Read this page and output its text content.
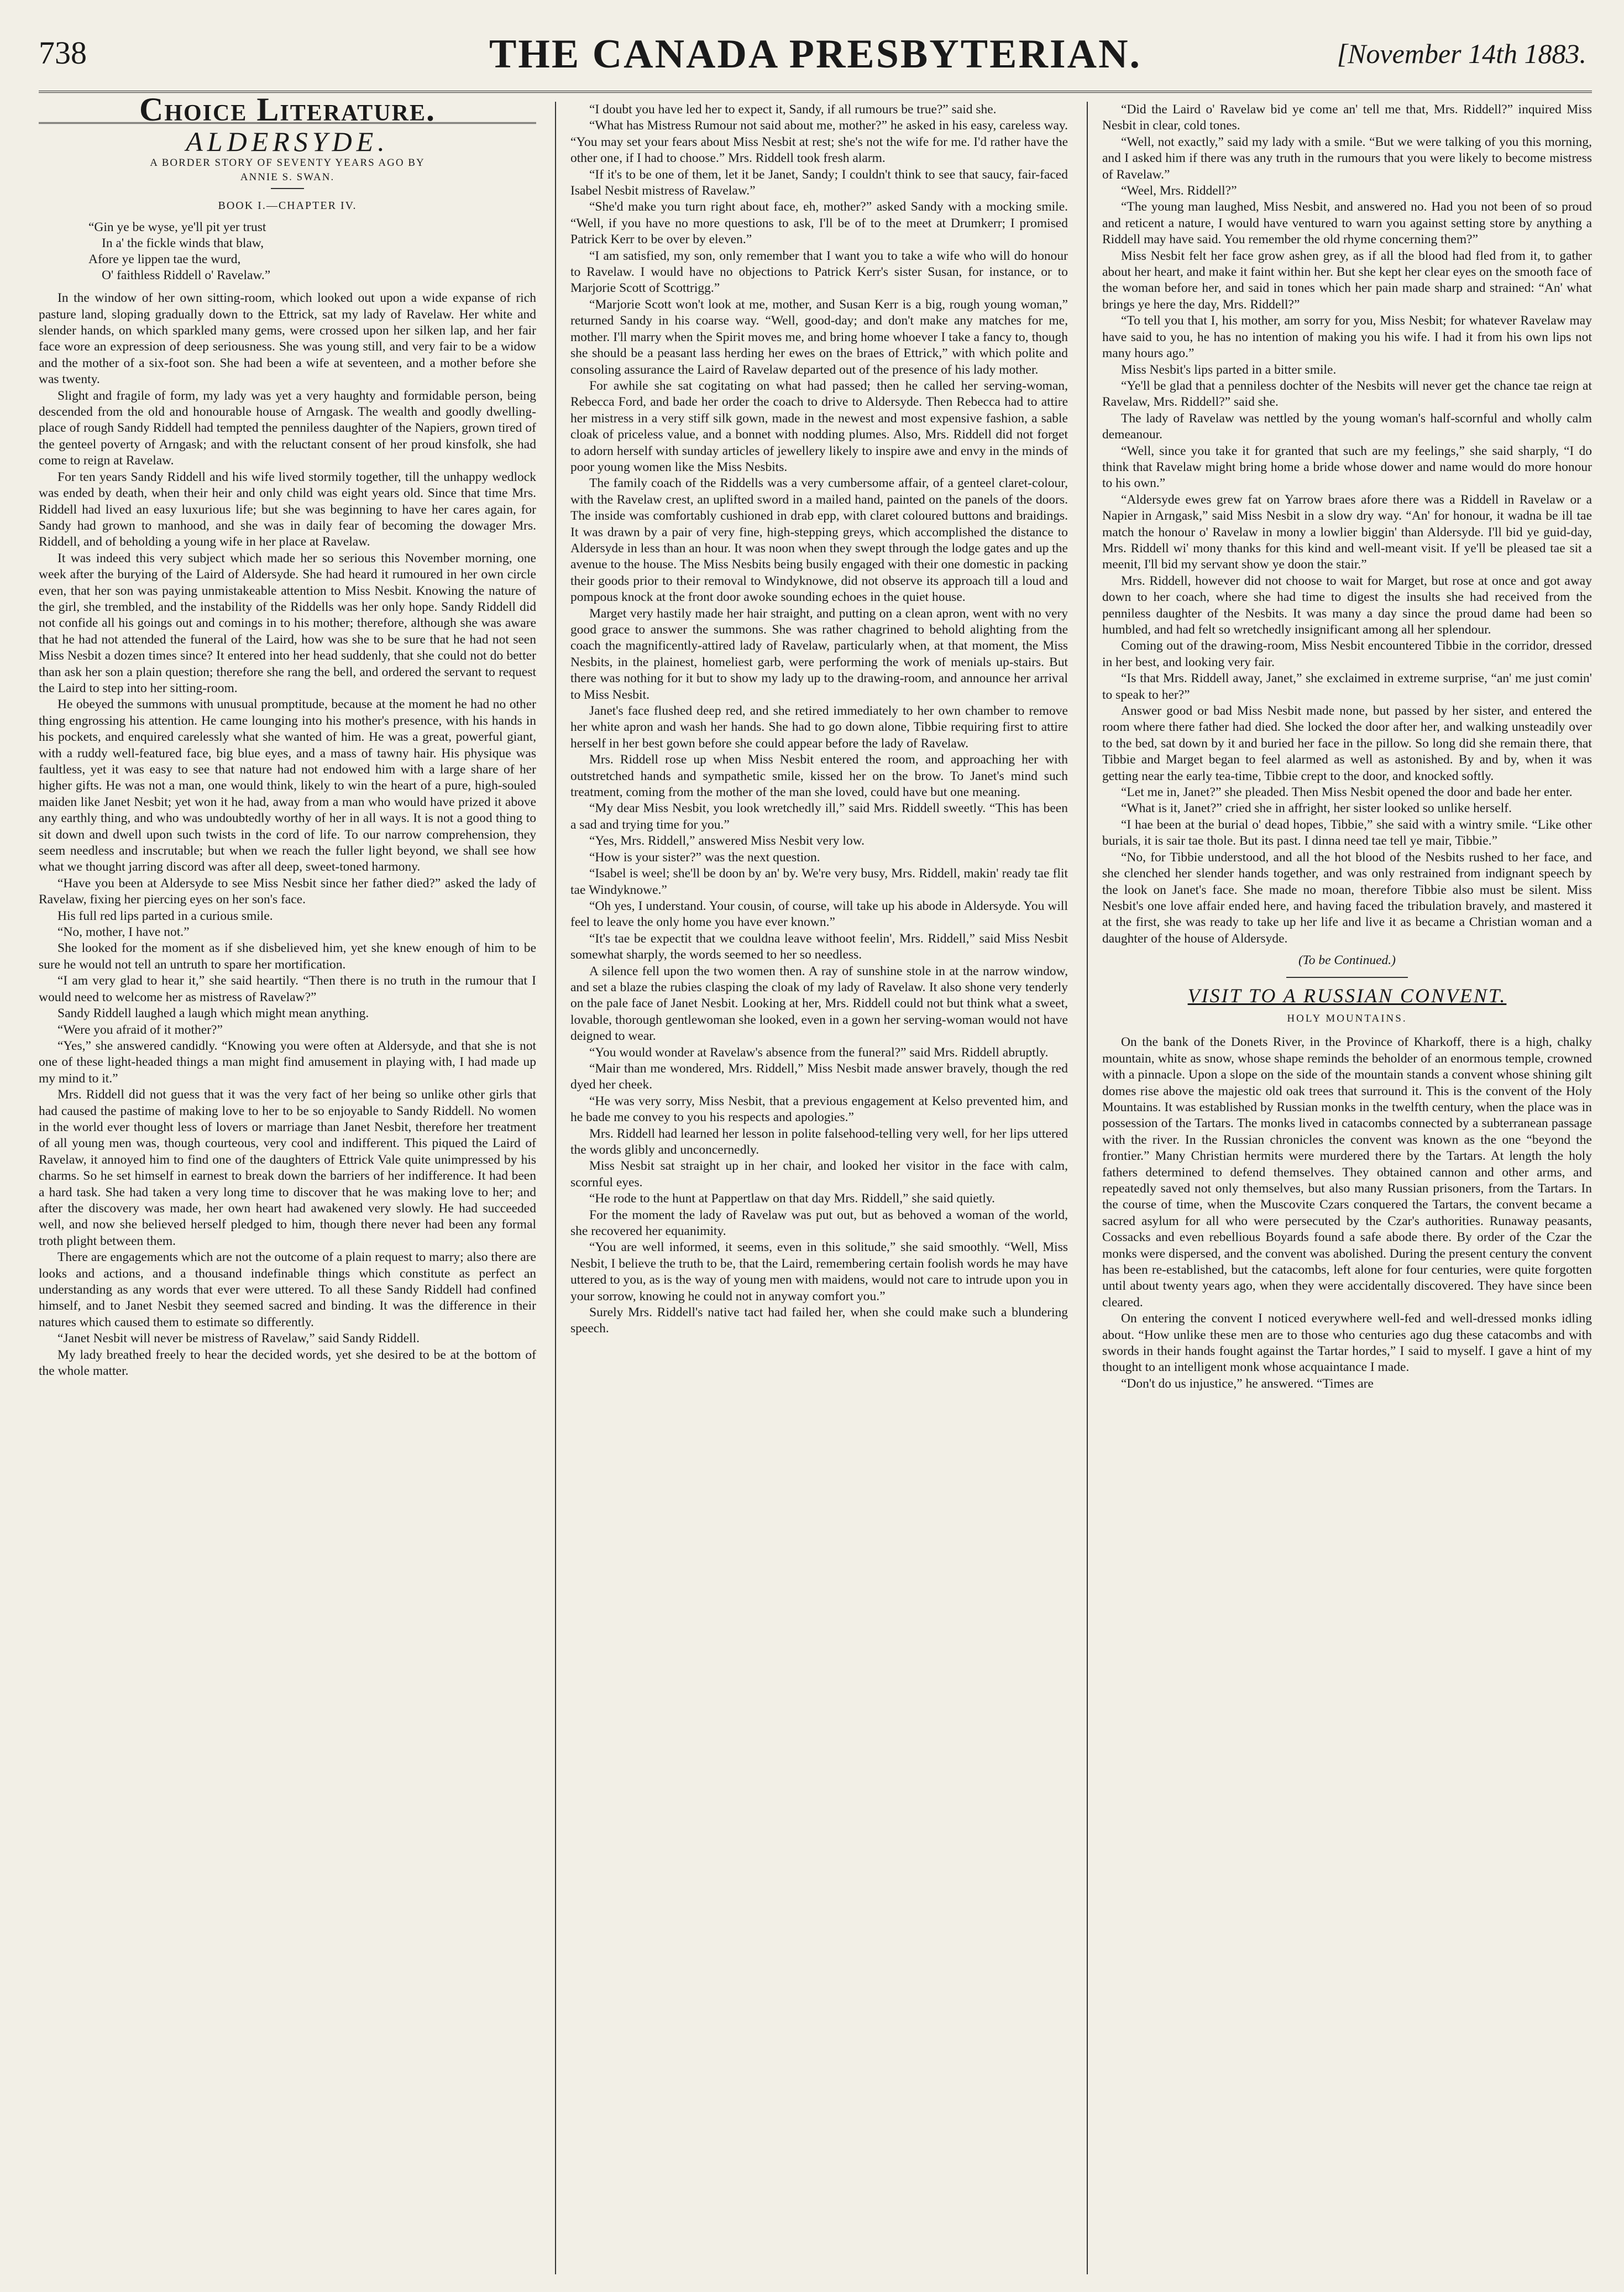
738	THE CANADA PRESBYTERIAN.	[November 14th 1883.
Choice Literature.
ALDERSYDE.
A BORDER STORY OF SEVENTY YEARS AGO BY
ANNIE S. SWAN.
BOOK I.—CHAPTER IV.
“Gin ye be wyse, ye'll pit yer trust
In a' the fickle winds that blaw,
Afore ye lippen tae the wurd,
O' faithless Riddell o' Ravelaw.”

In the window of her own sitting-room, which looked out upon a wide expanse of rich pasture land, sloping gradually down to the Ettrick, sat my lady of Ravelaw. Her white and slender hands, on which sparkled many gems, were crossed upon her silken lap, and her fair face wore an expression of deep seriousness. She was young still, and very fair to be a widow and the mother of a six-foot son. She had been a wife at seventeen, and a mother before she was twenty.

Slight and fragile of form, my lady was yet a very haughty and formidable person, being descended from the old and honourable house of Arngask. The wealth and goodly dwelling-place of rough Sandy Riddell had tempted the penniless daughter of the Napiers, grown tired of the genteel poverty of Arngask; and with the reluctant consent of her proud kinsfolk, she had come to reign at Ravelaw.

For ten years Sandy Riddell and his wife lived stormily together, till the unhappy wedlock was ended by death, when their heir and only child was eight years old. Since that time Mrs. Riddell had lived an easy luxurious life; but she was beginning to have her cares again, for Sandy had grown to manhood, and she was in daily fear of becoming the dowager Mrs. Riddell, and of beholding a young wife in her place at Ravelaw.

It was indeed this very subject which made her so serious this November morning, one week after the burying of the Laird of Aldersyde. She had heard it rumoured in her own circle even, that her son was paying unmistakeable attention to Miss Nesbit. Knowing the nature of the girl, she trembled, and the instability of the Riddells was her only hope. Sandy Riddell did not confide all his goings out and comings in to his mother; therefore, although she was aware that he had not attended the funeral of the Laird, how was she to be sure that he had not seen Miss Nesbit a dozen times since? It entered into her head suddenly, that she could not do better than ask her son a plain question; therefore she rang the bell, and ordered the servant to request the Laird to step into her sitting-room.

He obeyed the summons with unusual promptitude, because at the moment he had no other thing engrossing his attention. He came lounging into his mother's presence, with his hands in his pockets, and enquired carelessly what she wanted of him. He was a great, powerful giant, with a ruddy well-featured face, big blue eyes, and a mass of tawny hair. His physique was faultless, yet it was easy to see that nature had not endowed him with a large share of her higher gifts. He was not a man, one would think, likely to win the heart of a pure, high-souled maiden like Janet Nesbit; yet won it he had, away from a man who would have prized it above any earthly thing, and who was undoubtedly worthy of her in all ways. It is not a good thing to sit down and dwell upon such twists in the cord of life. To our narrow comprehension, they seem needless and inscrutable; but when we reach the fuller light beyond, we shall see how what we thought jarring discord was after all deep, sweet-toned harmony.

“Have you been at Aldersyde to see Miss Nesbit since her father died?” asked the lady of Ravelaw, fixing her piercing eyes on her son's face.

His full red lips parted in a curious smile.

“No, mother, I have not.”

She looked for the moment as if she disbelieved him, yet she knew enough of him to be sure he would not tell an untruth to spare her mortification.

“I am very glad to hear it,” she said heartily. “Then there is no truth in the rumour that I would need to welcome her as mistress of Ravelaw?”

Sandy Riddell laughed a laugh which might mean anything.

“Were you afraid of it mother?”

“Yes,” she answered candidly. “Knowing you were often at Aldersyde, and that she is not one of these light-headed things a man might find amusement in playing with, I had made up my mind to it.”

Mrs. Riddell did not guess that it was the very fact of her being so unlike other girls that had caused the pastime of making love to her to be so enjoyable to Sandy Riddell. No women in the world ever thought less of lovers or marriage than Janet Nesbit, therefore her treatment of all young men was, though courteous, very cool and indifferent. This piqued the Laird of Ravelaw, it annoyed him to find one of the daughters of Ettrick Vale quite unimpressed by his charms. So he set himself in earnest to break down the barriers of her indifference. It had been a hard task. She had taken a very long time to discover that he was making love to her; and after the discovery was made, her own heart had awakened very slowly. He had succeeded well, and now she believed herself pledged to him, though there never had been any formal troth plight between them.

There are engagements which are not the outcome of a plain request to marry; also there are looks and actions, and a thousand indefinable things which constitute as perfect an understanding as any words that ever were uttered. To all these Sandy Riddell had confined himself, and to Janet Nesbit they seemed sacred and binding. It was the difference in their natures which caused them to estimate so differently.

“Janet Nesbit will never be mistress of Ravelaw,” said Sandy Riddell.

My lady breathed freely to hear the decided words, yet she desired to be at the bottom of the whole matter.

“I doubt you have led her to expect it, Sandy, if all rumours be true?” said she.

“What has Mistress Rumour not said about me, mother?” he asked in his easy, careless way. “You may set your fears about Miss Nesbit at rest; she's not the wife for me. I'd rather have the other one, if I had to choose.” Mrs. Riddell took fresh alarm.

“If it's to be one of them, let it be Janet, Sandy; I couldn't think to see that saucy, fair-faced Isabel Nesbit mistress of Ravelaw.”

“She'd make you turn right about face, eh, mother?” asked Sandy with a mocking smile. “Well, if you have no more questions to ask, I'll be of to the meet at Drumkerr; I promised Patrick Kerr to be over by eleven.”

“I am satisfied, my son, only remember that I want you to take a wife who will do honour to Ravelaw. I would have no objections to Patrick Kerr's sister Susan, for instance, or to Marjorie Scott of Scottrigg.”

“Marjorie Scott won't look at me, mother, and Susan Kerr is a big, rough young woman,” returned Sandy in his coarse way. “Well, good-day; and don't make any matches for me, mother. I'll marry when the Spirit moves me, and bring home whoever I take a fancy to, though she should be a peasant lass herding her ewes on the braes of Ettrick,” with which polite and consoling assurance the Laird of Ravelaw departed out of the presence of his lady mother.

For awhile she sat cogitating on what had passed; then he called her serving-woman, Rebecca Ford, and bade her order the coach to drive to Aldersyde. Then Rebecca had to attire her mistress in a very stiff silk gown, made in the newest and most expensive fashion, a sable cloak of priceless value, and a bonnet with nodding plumes. Also, Mrs. Riddell did not forget to adorn herself with sunday articles of jewellery likely to inspire awe and envy in the minds of poor young women like the Miss Nesbits.

The family coach of the Riddells was a very cumbersome affair, of a genteel claret-colour, with the Ravelaw crest, an uplifted sword in a mailed hand, painted on the panels of the doors. The inside was comfortably cushioned in drab epp, with claret coloured buttons and braidings. It was drawn by a pair of very fine, high-stepping greys, which accomplished the distance to Aldersyde in less than an hour. It was noon when they swept through the lodge gates and up the avenue to the house. The Miss Nesbits being busily engaged with their one domestic in packing their goods prior to their removal to Windyknowe, did not observe its approach till a loud and pompous knock at the front door awoke sounding echoes in the quiet house.

Marget very hastily made her hair straight, and putting on a clean apron, went with no very good grace to answer the summons. She was rather chagrined to behold alighting from the coach the magnificently-attired lady of Ravelaw, particularly when, at that moment, the Miss Nesbits, in the plainest, homeliest garb, were performing the work of menials up-stairs. But there was nothing for it but to show my lady up to the drawing-room, and announce her arrival to Miss Nesbit.

Janet's face flushed deep red, and she retired immediately to her own chamber to remove her white apron and wash her hands. She had to go down alone, Tibbie requiring first to attire herself in her best gown before she could appear before the lady of Ravelaw.

Mrs. Riddell rose up when Miss Nesbit entered the room, and approaching her with outstretched hands and sympathetic smile, kissed her on the brow. To Janet's mind such treatment, coming from the mother of the man she loved, could have but one meaning.

“My dear Miss Nesbit, you look wretchedly ill,” said Mrs. Riddell sweetly. “This has been a sad and trying time for you.”

“Yes, Mrs. Riddell,” answered Miss Nesbit very low.

“How is your sister?” was the next question.

“Isabel is weel; she'll be doon by an' by. We're very busy, Mrs. Riddell, makin' ready tae flit tae Windyknowe.”

“Oh yes, I understand. Your cousin, of course, will take up his abode in Aldersyde. You will feel to leave the only home you have ever known.”

“It's tae be expectit that we couldna leave withoot feelin', Mrs. Riddell,” said Miss Nesbit somewhat sharply, the words seemed to her so needless.

A silence fell upon the two women then. A ray of sunshine stole in at the narrow window, and set a blaze the rubies clasping the cloak of my lady of Ravelaw. It also shone very tenderly on the pale face of Janet Nesbit. Looking at her, Mrs. Riddell could not but think what a sweet, lovable, thorough gentlewoman she looked, even in a gown her serving-woman would not have deigned to wear.

“You would wonder at Ravelaw's absence from the funeral?” said Mrs. Riddell abruptly.

“Mair than me wondered, Mrs. Riddell,” Miss Nesbit made answer bravely, though the red dyed her cheek.

“He was very sorry, Miss Nesbit, that a previous engagement at Kelso prevented him, and he bade me convey to you his respects and apologies.”

Mrs. Riddell had learned her lesson in polite falsehood-telling very well, for her lips uttered the words glibly and unconcernedly.

Miss Nesbit sat straight up in her chair, and looked her visitor in the face with calm, scornful eyes.

“He rode to the hunt at Pappertlaw on that day Mrs. Riddell,” she said quietly.

For the moment the lady of Ravelaw was put out, but as behoved a woman of the world, she recovered her equanimity.

“You are well informed, it seems, even in this solitude,” she said smoothly. “Well, Miss Nesbit, I believe the truth to be, that the Laird, remembering certain foolish words he may have uttered to you, as is the way of young men with maidens, would not care to intrude upon you in your sorrow, knowing he could not in anyway comfort you.”

Surely Mrs. Riddell's native tact had failed her, when she could make such a blundering speech.

“Did the Laird o' Ravelaw bid ye come an' tell me that, Mrs. Riddell?” inquired Miss Nesbit in clear, cold tones.

“Well, not exactly,” said my lady with a smile. “But we were talking of you this morning, and I asked him if there was any truth in the rumours that you were likely to become mistress of Ravelaw.”

“Weel, Mrs. Riddell?”

“The young man laughed, Miss Nesbit, and answered no. Had you not been of so proud and reticent a nature, I would have ventured to warn you against setting store by anything a Riddell may have said. You remember the old rhyme concerning them?”

Miss Nesbit felt her face grow ashen grey, as if all the blood had fled from it, to gather about her heart, and make it faint within her. But she kept her clear eyes on the smooth face of the woman before her, and said in tones which her pain made sharp and strained: “An' what brings ye here the day, Mrs. Riddell?”

“To tell you that I, his mother, am sorry for you, Miss Nesbit; for whatever Ravelaw may have said to you, he has no intention of making you his wife. I had it from his own lips not many hours ago.”

Miss Nesbit's lips parted in a bitter smile.

“Ye'll be glad that a penniless dochter of the Nesbits will never get the chance tae reign at Ravelaw, Mrs. Riddell?” said she.

The lady of Ravelaw was nettled by the young woman's half-scornful and wholly calm demeanour.

“Well, since you take it for granted that such are my feelings,” she said sharply, “I do think that Ravelaw might bring home a bride whose dower and name would do more honour to his own.”

“Aldersyde ewes grew fat on Yarrow braes afore there was a Riddell in Ravelaw or a Napier in Arngask,” said Miss Nesbit in a slow dry way. “An' for honour, it wadna be ill tae match the honour o' Ravelaw in mony a lowlier biggin' than Aldersyde. I'll bid ye guid-day, Mrs. Riddell wi' mony thanks for this kind and well-meant visit. If ye'll be pleased tae sit a meenit, I'll bid my servant show ye doon the stair.”

Mrs. Riddell, however did not choose to wait for Marget, but rose at once and got away down to her coach, where she had time to digest the insults she had received from the penniless daughter of the Nesbits. It was many a day since the proud dame had been so humbled, and had felt so wretchedly insignificant among all her splendour.

Coming out of the drawing-room, Miss Nesbit encountered Tibbie in the corridor, dressed in her best, and looking very fair.

“Is that Mrs. Riddell away, Janet,” she exclaimed in extreme surprise, “an' me just comin' to speak to her?”

Answer good or bad Miss Nesbit made none, but passed by her sister, and entered the room where there father had died. She locked the door after her, and walking unsteadily over to the bed, sat down by it and buried her face in the pillow. So long did she remain there, that Tibbie and Marget began to feel alarmed as well as astonished. By and by, when it was getting near the early tea-time, Tibbie crept to the door, and knocked softly.

“Let me in, Janet?” she pleaded. Then Miss Nesbit opened the door and bade her enter.

“What is it, Janet?” cried she in affright, her sister looked so unlike herself.

“I hae been at the burial o' dead hopes, Tibbie,” she said with a wintry smile. “Like other burials, it is sair tae thole. But its past. I dinna need tae tell ye mair, Tibbie.”

“No, for Tibbie understood, and all the hot blood of the Nesbits rushed to her face, and she clenched her slender hands together, and was only restrained from indignant speech by the look on Janet's face. She made no moan, therefore Tibbie also must be silent. Miss Nesbit's one love affair ended here, and having faced the tribulation bravely, and mastered it at the first, she was ready to take up her life and live it as became a Christian woman and a daughter of the house of Aldersyde.

(To be Continued.)
VISIT TO A RUSSIAN CONVENT.
HOLY MOUNTAINS.

On the bank of the Donets River, in the Province of Kharkoff, there is a high, chalky mountain, white as snow, whose shape reminds the beholder of an enormous temple, crowned with a pinnacle. Upon a slope on the side of the mountain stands a convent whose shining gilt domes rise above the majestic old oak trees that surround it. This is the convent of the Holy Mountains. It was established by Russian monks in the twelfth century, when the place was in possession of the Tartars. The monks lived in catacombs connected by a subterranean passage with the river. In the Russian chronicles the convent was known as the one “beyond the frontier.” Many Christian hermits were murdered there by the Tartars. At length the holy fathers determined to defend themselves. They obtained cannon and other arms, and repeatedly saved not only themselves, but also many Russian prisoners, from the Tartars. In the course of time, when the Muscovite Czars conquered the Tartars, the convent became a sacred asylum for all who were persecuted by the Czar's authorities. Runaway peasants, Cossacks and even rebellious Boyards found a safe abode there. By order of the Czar the monks were dispersed, and the convent was abolished. During the present century the convent has been re-established, but the catacombs, left alone for four centuries, were quite forgotten until about twenty years ago, when they were accidentally discovered. They have since been cleared.

On entering the convent I noticed everywhere well-fed and well-dressed monks idling about. “How unlike these men are to those who centuries ago dug these catacombs and with swords in their hands fought against the Tartar hordes,” I said to myself. I gave a hint of my thought to an intelligent monk whose acquaintance I made.

“Don't do us injustice,” he answered. “Times are
